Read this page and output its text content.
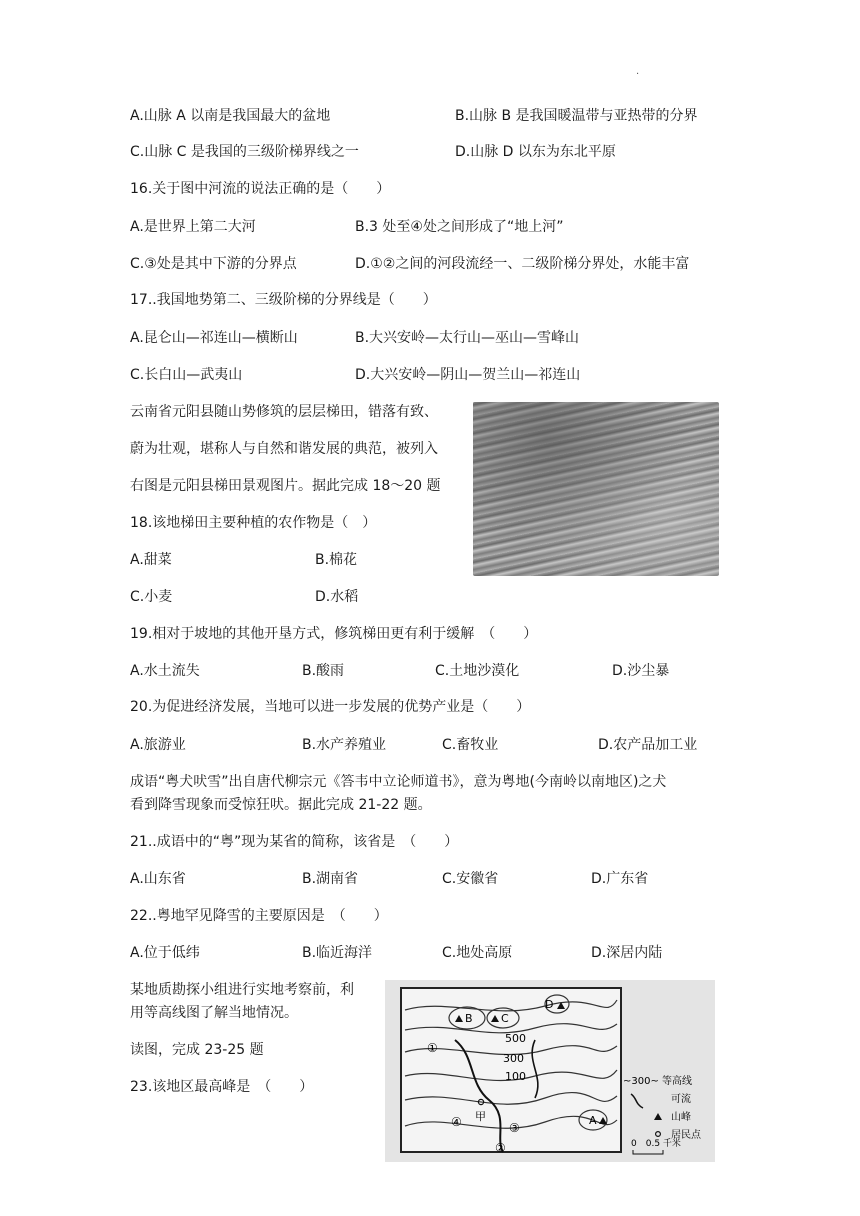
.
A.山脉 A 以南是我国最大的盆地	B.山脉 B 是我国暖温带与亚热带的分界
C.山脉 C 是我国的三级阶梯界线之一	D.山脉 D 以东为东北平原
16.关于图中河流的说法正确的是（　　）
A.是世界上第二大河	B.3 处至④处之间形成了“地上河”
C.③处是其中下游的分界点	D.①②之间的河段流经一、二级阶梯分界处，水能丰富
17..我国地势第二、三级阶梯的分界线是（　　）
A.昆仑山—祁连山—横断山	B.大兴安岭—太行山—巫山—雪峰山
C.长白山—武夷山	D.大兴安岭—阴山—贺兰山—祁连山
云南省元阳县随山势修筑的层层梯田，错落有致、
蔚为壮观，堪称人与自然和谐发展的典范，被列入
右图是元阳县梯田景观图片。据此完成 18～20 题
18.该地梯田主要种植的农作物是（　）
A.甜菜	B.棉花
C.小麦	D.水稻
19.相对于坡地的其他开垦方式，修筑梯田更有利于缓解　（　　）
A.水土流失	B.酸雨	C.土地沙漠化	D.沙尘暴
20.为促进经济发展，当地可以进一步发展的优势产业是（　　）
A.旅游业	B.水产养殖业	C.畜牧业	D.农产品加工业
成语“粤犬吠雪”出自唐代柳宗元《答韦中立论师道书》，意为粤地(今南岭以南地区)之犬
看到降雪现象而受惊狂吠。据此完成 21-22 题。
21..成语中的“粤”现为某省的简称，该省是　（　　）
A.山东省	B.湖南省	C.安徽省	D.广东省
22..粤地罕见降雪的主要原因是　（　　）
A.位于低纬	B.临近海洋	C.地处高原	D.深居内陆
某地质勘探小组进行实地考察前，利
用等高线图了解当地情况。
读图，完成 23-25 题
23.该地区最高峰是　（　　）
B	C
D
A
500
300
100
①
②
③
④ 甲
~300~ 等高线
可流
山峰
居民点
0　0.5 千米
